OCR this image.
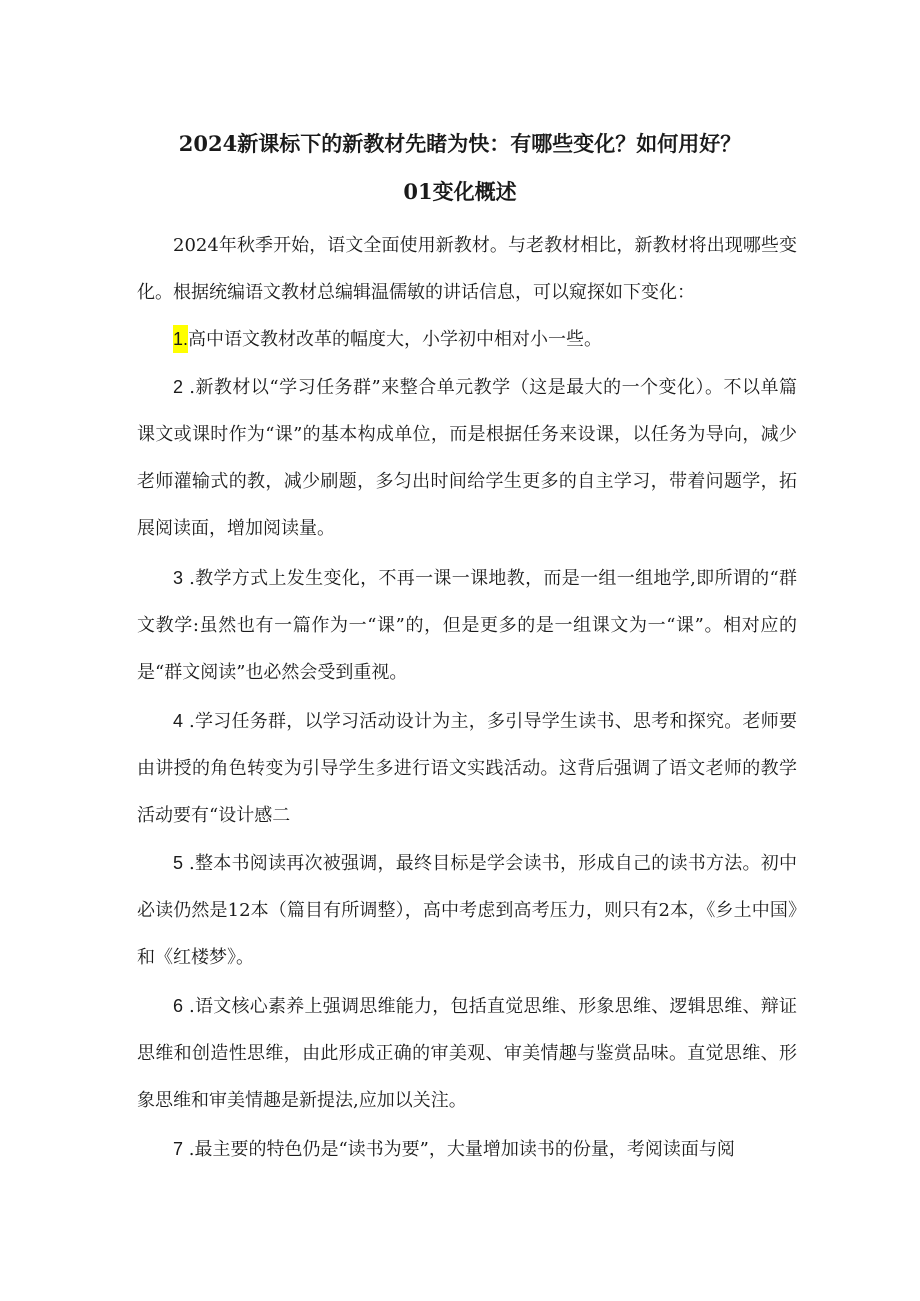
2024新课标下的新教材先睹为快：有哪些变化？如何用好？
01变化概述

2024年秋季开始，语文全面使用新教材。与老教材相比，新教材将出现哪些变化。根据统编语文教材总编辑温儒敏的讲话信息，可以窥探如下变化：

1.高中语文教材改革的幅度大，小学初中相对小一些。

2 .新教材以“学习任务群”来整合单元教学（这是最大的一个变化）。不以单篇课文或课时作为“课”的基本构成单位，而是根据任务来设课，以任务为导向，减少老师灌输式的教，减少刷题，多匀出时间给学生更多的自主学习，带着问题学，拓展阅读面，增加阅读量。

3 .教学方式上发生变化，不再一课一课地教，而是一组一组地学,即所谓的“群文教学:虽然也有一篇作为一“课”的，但是更多的是一组课文为一“课”。相对应的是“群文阅读”也必然会受到重视。

4 .学习任务群，以学习活动设计为主，多引导学生读书、思考和探究。老师要由讲授的角色转变为引导学生多进行语文实践活动。这背后强调了语文老师的教学活动要有“设计感二

5 .整本书阅读再次被强调，最终目标是学会读书，形成自己的读书方法。初中必读仍然是12本（篇目有所调整），高中考虑到高考压力，则只有2本，《乡土中国》和《红楼梦》。

6 .语文核心素养上强调思维能力，包括直觉思维、形象思维、逻辑思维、辩证思维和创造性思维，由此形成正确的审美观、审美情趣与鉴赏品味。直觉思维、形象思维和审美情趣是新提法,应加以关注。

7 .最主要的特色仍是“读书为要”，大量增加读书的份量，考阅读面与阅
